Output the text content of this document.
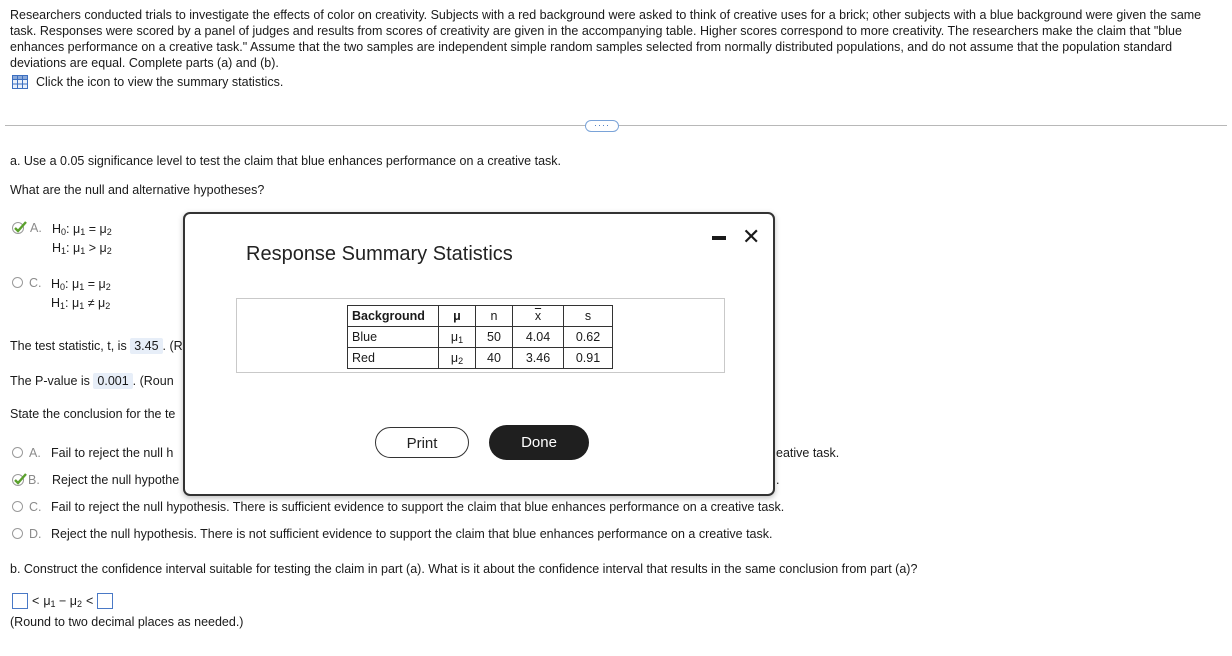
Researchers conducted trials to investigate the effects of color on creativity. Subjects with a red background were asked to think of creative uses for a brick; other subjects with a blue background were given the same task. Responses were scored by a panel of judges and results from scores of creativity are given in the accompanying table. Higher scores correspond to more creativity. The researchers make the claim that "blue enhances performance on a creative task." Assume that the two samples are independent simple random samples selected from normally distributed populations, and do not assume that the population standard deviations are equal. Complete parts (a) and (b).
Click the icon to view the summary statistics.
····
a. Use a 0.05 significance level to test the claim that blue enhances performance on a creative task.
What are the null and alternative hypotheses?
A. $H_0$: $\mu_1 = \mu_2$
$H_1$: $\mu_1 > \mu_2$
C. $H_0$: $\mu_1 = \mu_2$
$H_1$: $\mu_1 \ne \mu_2$
The test statistic, t, is 3.45 . (R
The P-value is 0.001 . (Roun
State the conclusion for the te
A. Fail to reject the null h	eative task.
B. Reject the null hypothe	.
C. Fail to reject the null hypothesis. There is sufficient evidence to support the claim that blue enhances performance on a creative task.
D. Reject the null hypothesis. There is not sufficient evidence to support the claim that blue enhances performance on a creative task.
b. Construct the confidence interval suitable for testing the claim in part (a). What is it about the confidence interval that results in the same conclusion from part (a)?
< $\mu_1 - \mu_2$ <
(Round to two decimal places as needed.)
Response Summary Statistics
✕
Background	μ	n	$\overline{x}$	s
Blue	$\mu_1$	50	4.04	0.62
Red	$\mu_2$	40	3.46	0.91
Print	Done
